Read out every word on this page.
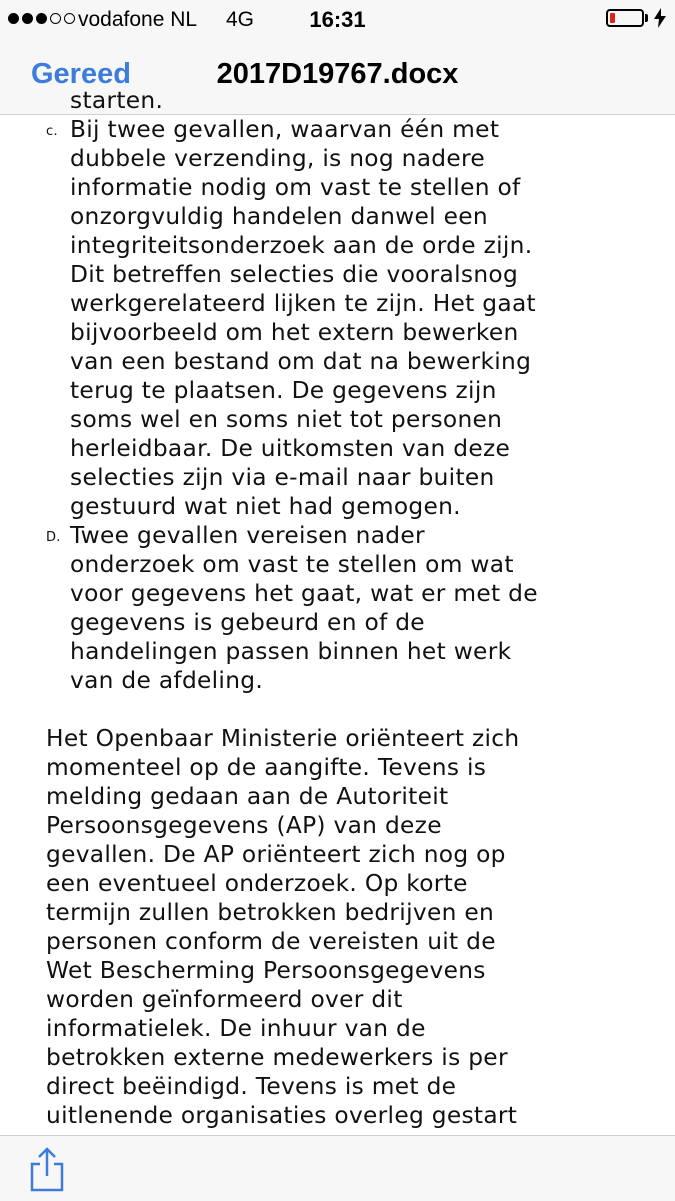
vodafone NL 4G	16:31
Gereed	2017D19767.docx
starten.
c. Bij twee gevallen, waarvan één met
dubbele verzending, is nog nadere
informatie nodig om vast te stellen of
onzorgvuldig handelen danwel een
integriteitsonderzoek aan de orde zijn.
Dit betreffen selecties die vooralsnog
werkgerelateerd lijken te zijn. Het gaat
bijvoorbeeld om het extern bewerken
van een bestand om dat na bewerking
terug te plaatsen. De gegevens zijn
soms wel en soms niet tot personen
herleidbaar. De uitkomsten van deze
selecties zijn via e-mail naar buiten
gestuurd wat niet had gemogen.
D. Twee gevallen vereisen nader
onderzoek om vast te stellen om wat
voor gegevens het gaat, wat er met de
gegevens is gebeurd en of de
handelingen passen binnen het werk
van de afdeling.
Het Openbaar Ministerie oriënteert zich
momenteel op de aangifte. Tevens is
melding gedaan aan de Autoriteit
Persoonsgegevens (AP) van deze
gevallen. De AP oriënteert zich nog op
een eventueel onderzoek. Op korte
termijn zullen betrokken bedrijven en
personen conform de vereisten uit de
Wet Bescherming Persoonsgegevens
worden geïnformeerd over dit
informatielek. De inhuur van de
betrokken externe medewerkers is per
direct beëindigd. Tevens is met de
uitlenende organisaties overleg gestart
